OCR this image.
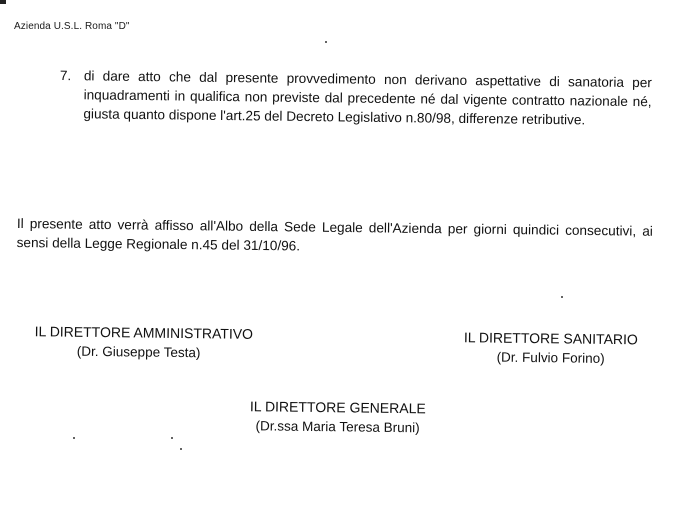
Azienda U.S.L. Roma "D"
7. di dare atto che dal presente provvedimento non derivano aspettative di sanatoria per inquadramenti in qualifica non previste dal precedente né dal vigente contratto nazionale né, giusta quanto dispone l'art.25 del Decreto Legislativo n.80/98, differenze retributive.
Il presente atto verrà affisso all'Albo della Sede Legale dell'Azienda per giorni quindici consecutivi, ai sensi della Legge Regionale n.45 del 31/10/96.
IL DIRETTORE AMMINISTRATIVO
(Dr. Giuseppe Testa)
IL DIRETTORE SANITARIO
(Dr. Fulvio Forino)
IL DIRETTORE GENERALE
(Dr.ssa Maria Teresa Bruni)
